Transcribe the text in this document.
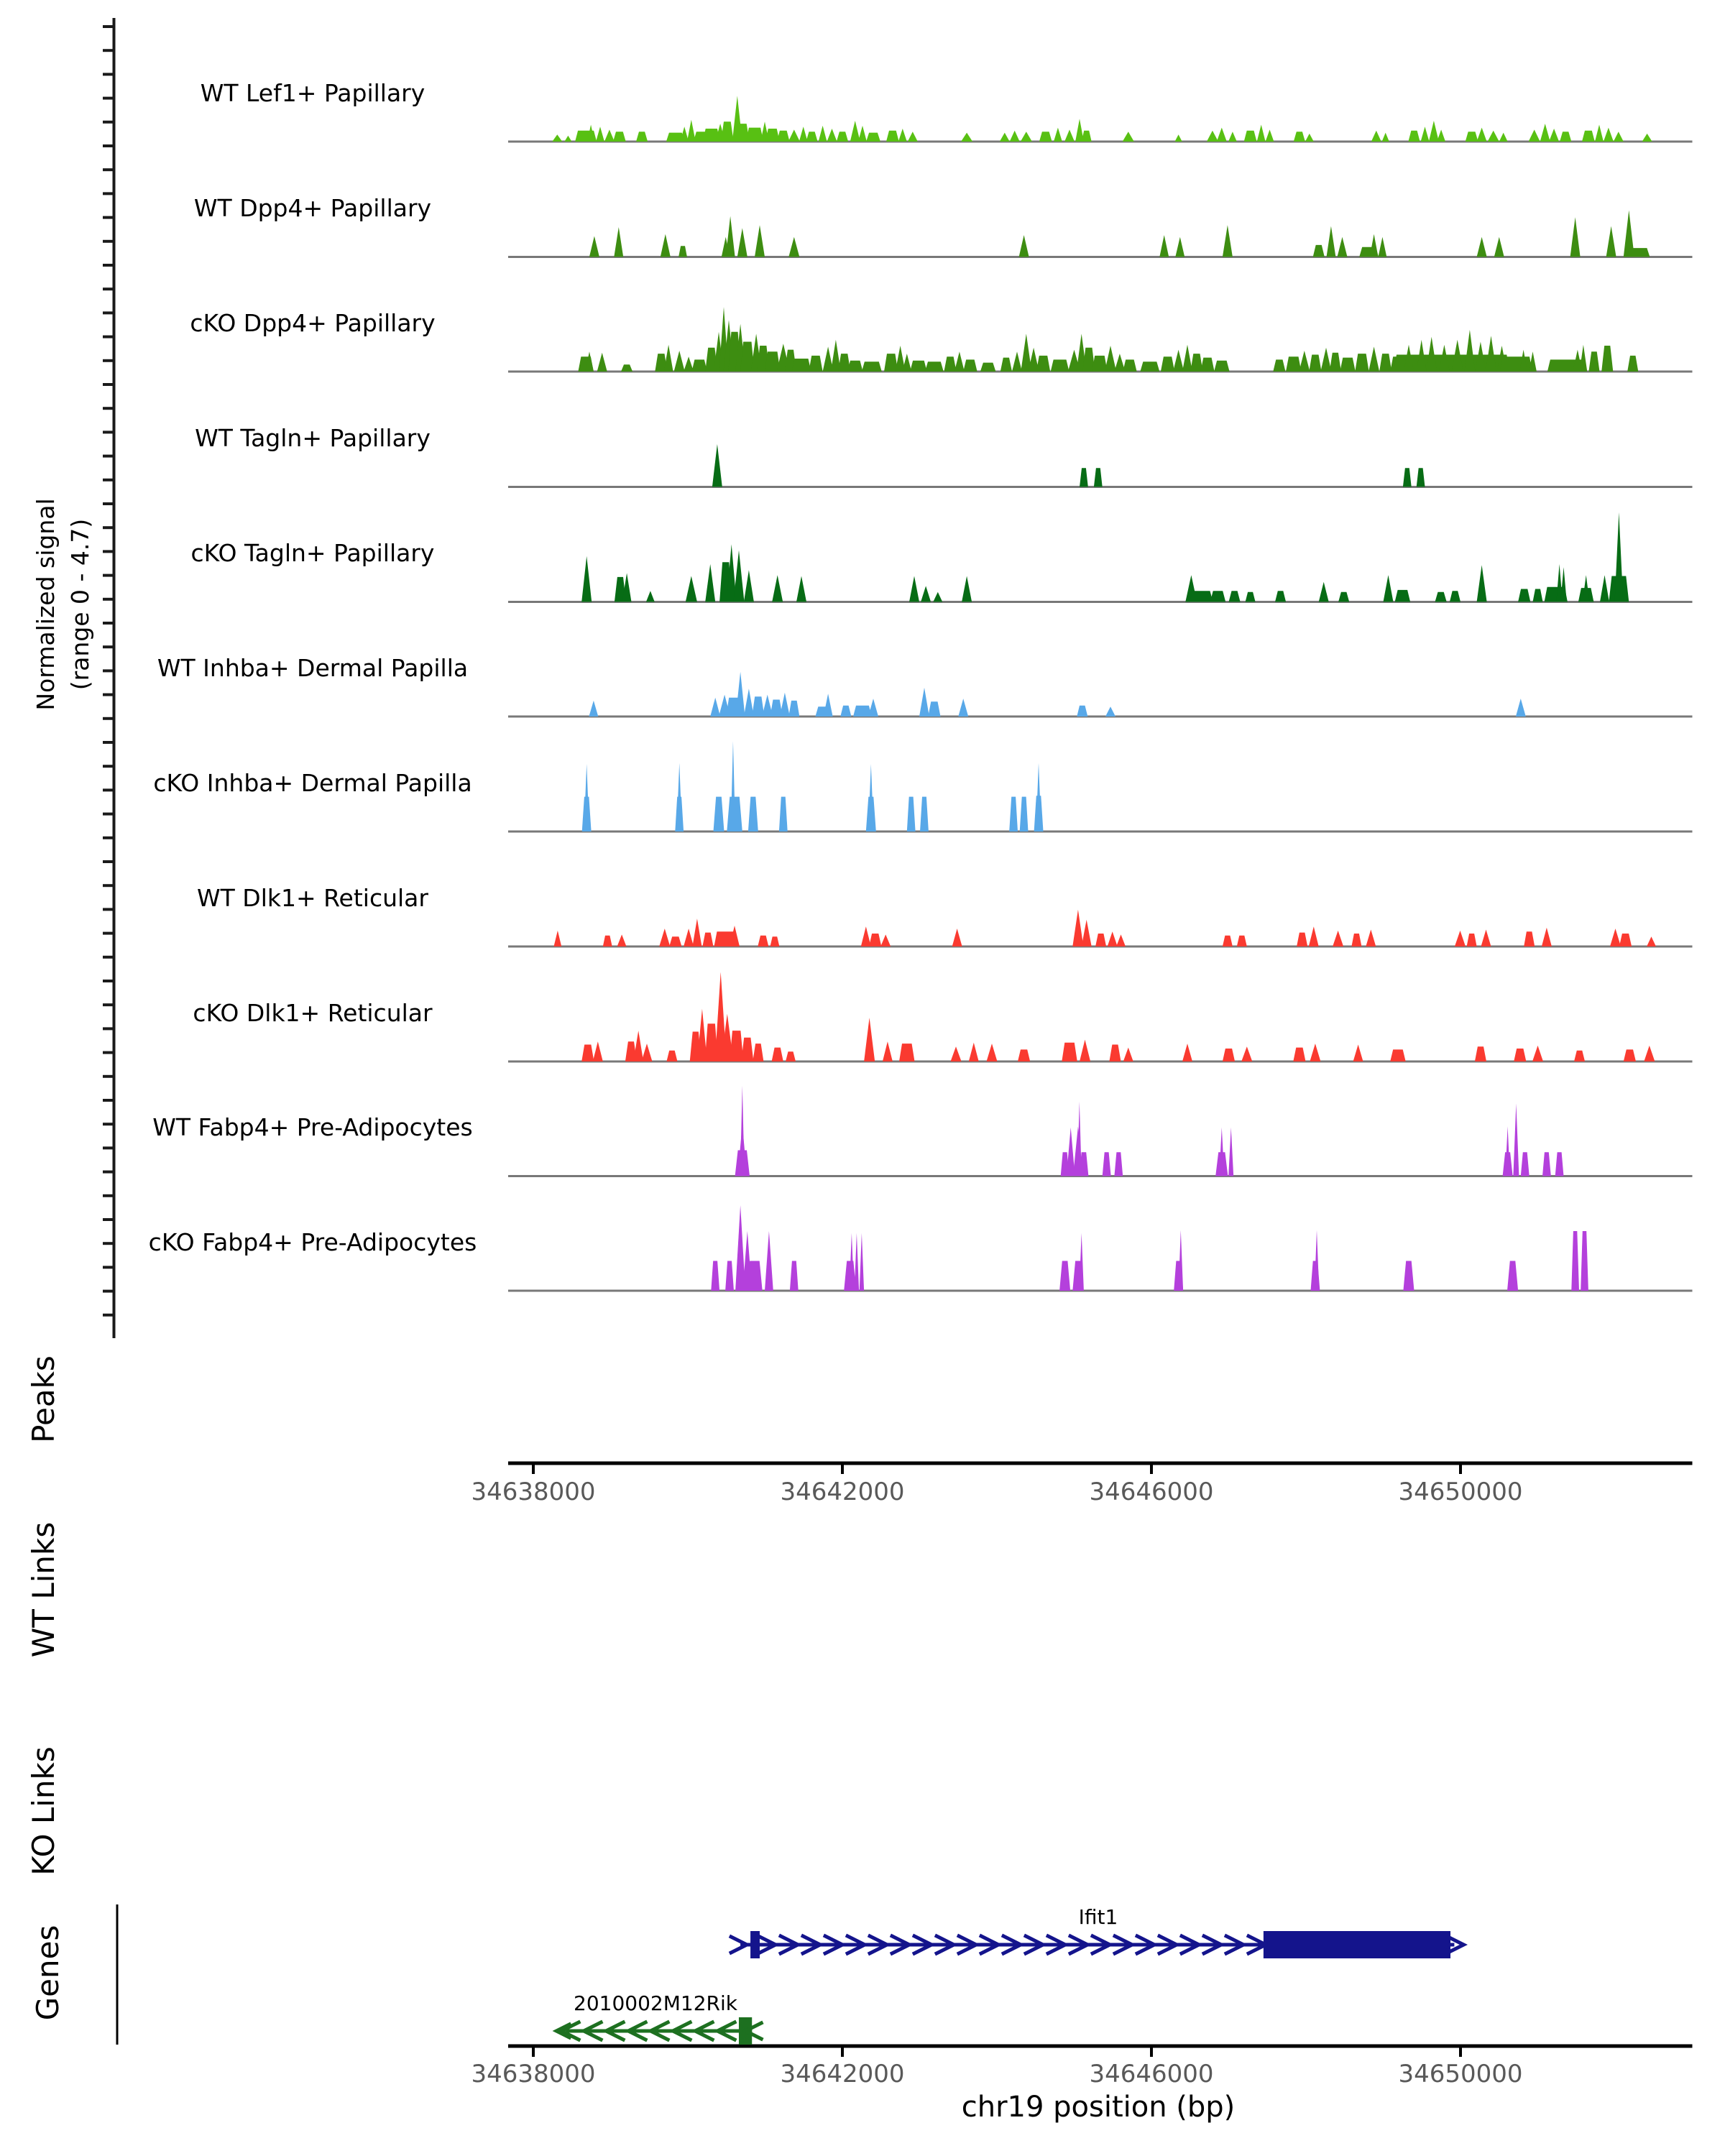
Normalized signal (range 0 - 4.7)
Peaks
WT Links
KO Links
Genes
chr19 position (bp)
WT Lef1+ Papillary
WT Dpp4+ Papillary
cKO Dpp4+ Papillary
WT Tagln+ Papillary
cKO Tagln+ Papillary
WT Inhba+ Dermal Papilla
cKO Inhba+ Dermal Papilla
WT Dlk1+ Reticular
cKO Dlk1+ Reticular
WT Fabp4+ Pre-Adipocytes
cKO Fabp4+ Pre-Adipocytes
34638000	34642000	34646000	34650000
34638000	34642000	34646000	34650000
Ifit1
2010002M12Rik
